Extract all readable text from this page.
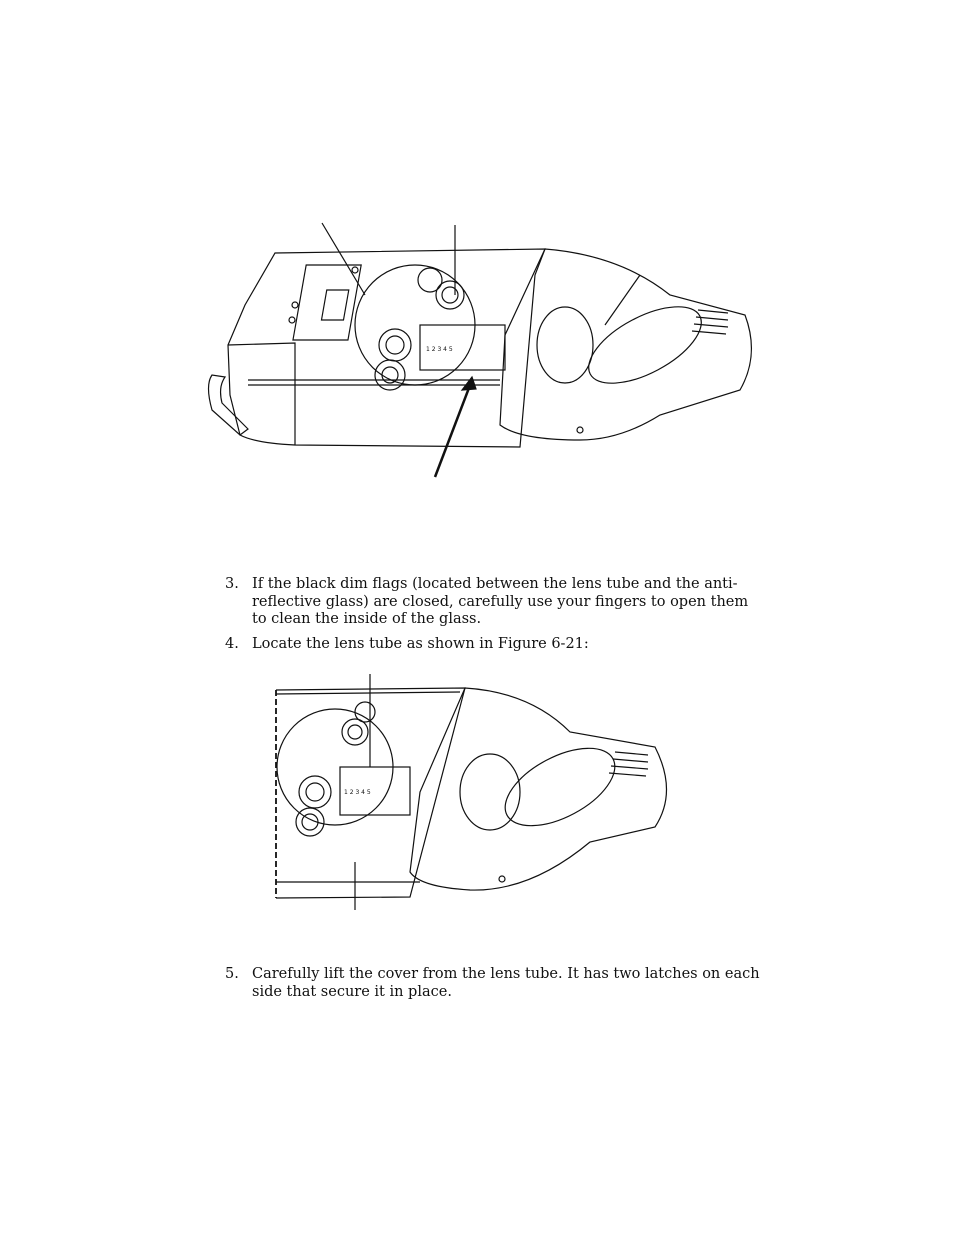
1 2 3 4 5
3. If the black dim flags (located between the lens tube and the anti-reflective glass) are closed, carefully use your fingers to open them to clean the inside of the glass.
4. Locate the lens tube as shown in Figure 6-21:
1 2 3 4 5
5. Carefully lift the cover from the lens tube. It has two latches on each side that secure it in place.
